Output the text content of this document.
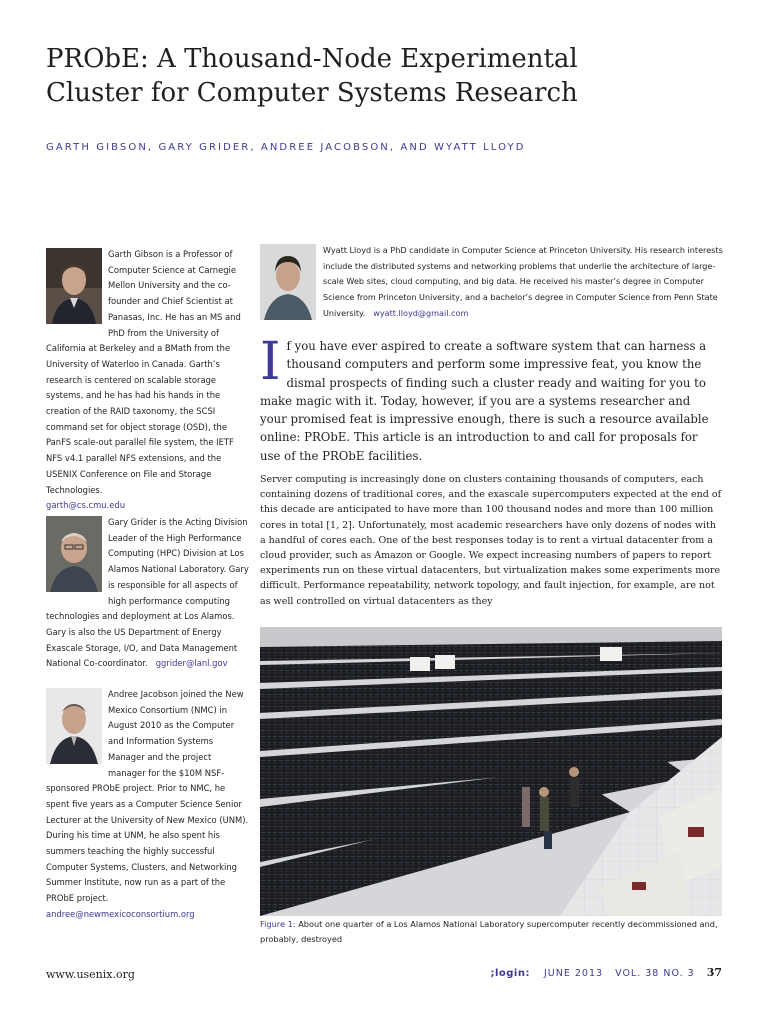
PRObE: A Thousand-Node Experimental
Cluster for Computer Systems Research
GARTH GIBSON, GARY GRIDER, ANDREE JACOBSON, AND WYATT LLOYD
Garth Gibson is a Professor of Computer Science at Carnegie Mellon University and the co-founder and Chief Scientist at Panasas, Inc. He has an MS and PhD from the University of California at Berkeley and a BMath from the University of Waterloo in Canada. Garth’s research is centered on scalable storage systems, and he has had his hands in the creation of the RAID taxonomy, the SCSI command set for object storage (OSD), the PanFS scale-out parallel file system, the IETF NFS v4.1 parallel NFS extensions, and the USENIX Conference on File and Storage Technologies.
garth@cs.cmu.edu
Gary Grider is the Acting Division Leader of the High Performance Computing (HPC) Division at Los Alamos National Laboratory. Gary is responsible for all aspects of high performance computing technologies and deployment at Los Alamos. Gary is also the US Department of Energy Exascale Storage, I/O, and Data Management National Co-coordinator. ggrider@lanl.gov
Andree Jacobson joined the New Mexico Consortium (NMC) in August 2010 as the Computer and Information Systems Manager and the project manager for the $10M NSF-sponsored PRObE project. Prior to NMC, he spent five years as a Computer Science Senior Lecturer at the University of New Mexico (UNM). During his time at UNM, he also spent his summers teaching the highly successful Computer Systems, Clusters, and Networking Summer Institute, now run as a part of the PRObE project.
andree@newmexicoconsortium.org
Wyatt Lloyd is a PhD candidate in Computer Science at Princeton University. His research interests include the distributed systems and networking problems that underlie the architecture of large-scale Web sites, cloud computing, and big data. He received his master’s degree in Computer Science from Princeton University, and a bachelor’s degree in Computer Science from Penn State University. wyatt.lloyd@gmail.com

If you have ever aspired to create a software system that can harness a thousand computers and perform some impressive feat, you know the dismal prospects of finding such a cluster ready and waiting for you to make magic with it. Today, however, if you are a systems researcher and your promised feat is impressive enough, there is such a resource available online: PRObE. This article is an introduction to and call for proposals for use of the PRObE facilities.

Server computing is increasingly done on clusters containing thousands of computers, each containing dozens of traditional cores, and the exascale supercomputers expected at the end of this decade are anticipated to have more than 100 thousand nodes and more than 100 million cores in total [1, 2]. Unfortunately, most academic researchers have only dozens of nodes with a handful of cores each. One of the best responses today is to rent a virtual datacenter from a cloud provider, such as Amazon or Google. We expect increasing numbers of papers to report experiments run on these virtual datacenters, but virtualization makes some experiments more difficult. Performance repeatability, network topology, and fault injection, for example, are not as well controlled on virtual datacenters as they

Figure 1: About one quarter of a Los Alamos National Laboratory supercomputer recently decommissioned and, probably, destroyed
www.usenix.org	;login: JUNE 2013   VOL. 38 NO. 3 37
